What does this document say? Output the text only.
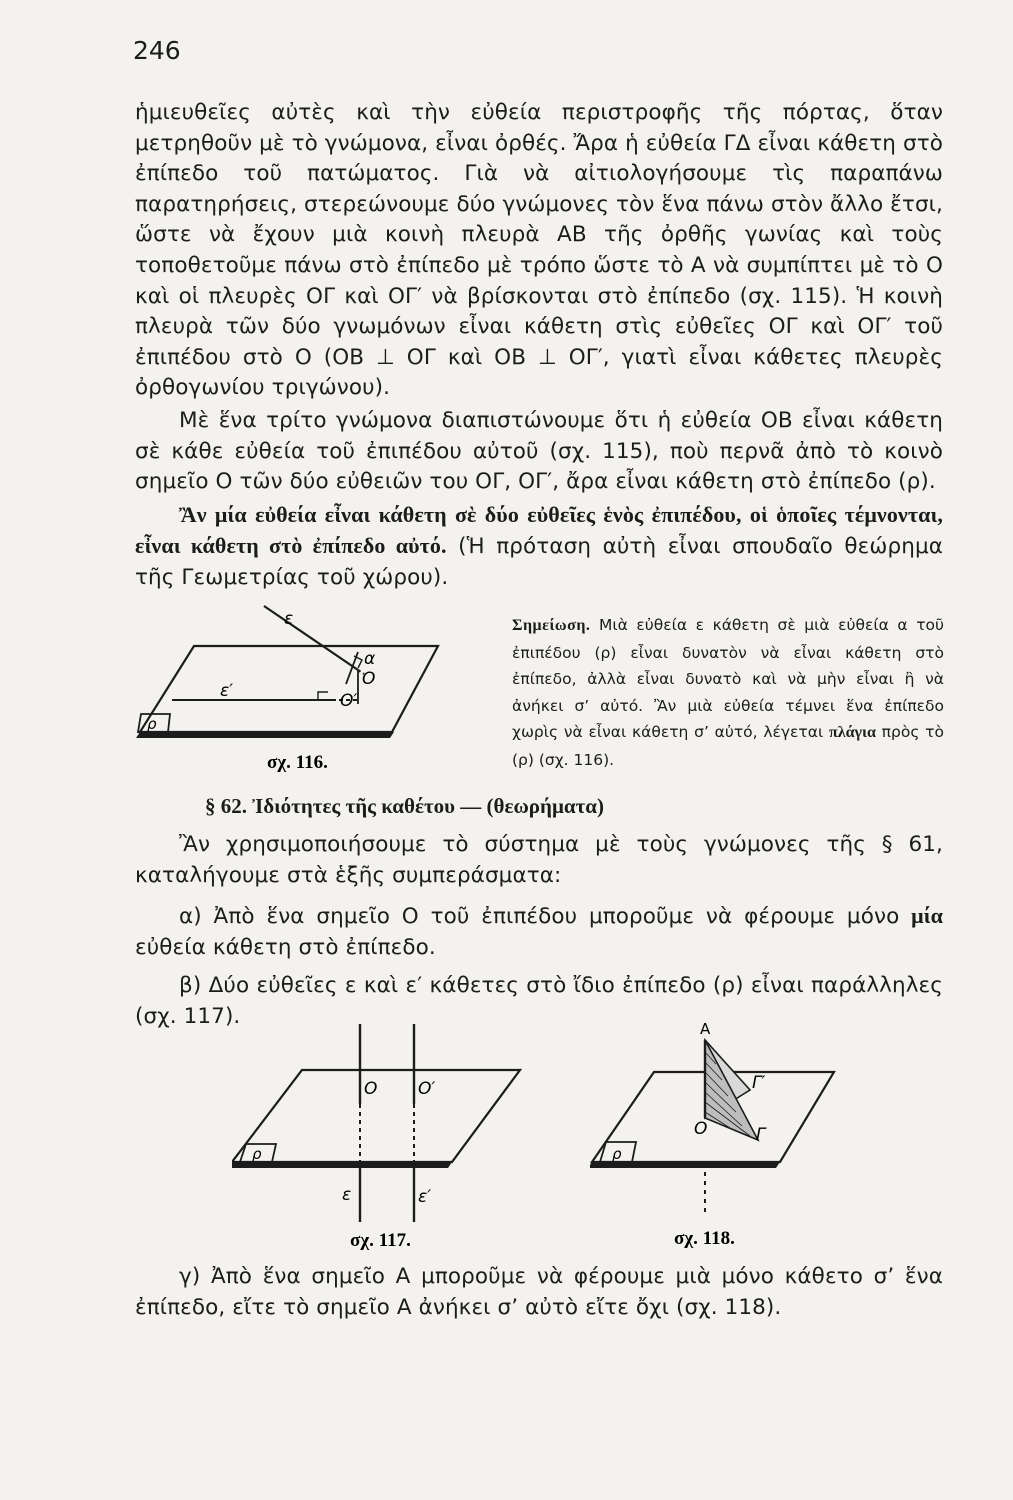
246

ἡμιευθεῖες αὐτὲς καὶ τὴν εὐθεία περιστροφῆς τῆς πόρτας, ὅταν μετρηθοῦν μὲ τὸ γνώμονα, εἶναι ὀρθές. Ἄρα ἡ εὐθεία ΓΔ εἶναι κάθετη στὸ ἐπίπεδο τοῦ πατώματος. Γιὰ νὰ αἰτιολογήσουμε τὶς παραπάνω παρατηρήσεις, στερεώνουμε δύο γνώμονες τὸν ἕνα πάνω στὸν ἄλλο ἔτσι, ὥστε νὰ ἔχουν μιὰ κοινὴ πλευρὰ ΑΒ τῆς ὀρθῆς γωνίας καὶ τοὺς τοποθετοῦμε πάνω στὸ ἐπίπεδο μὲ τρόπο ὥστε τὸ Α νὰ συμπίπτει μὲ τὸ Ο καὶ οἱ πλευρὲς ΟΓ καὶ ΟΓ′ νὰ βρίσκονται στὸ ἐπίπεδο (σχ. 115). Ἡ κοινὴ πλευρὰ τῶν δύο γνωμόνων εἶναι κάθετη στὶς εὐθεῖες ΟΓ καὶ ΟΓ′ τοῦ ἐπιπέδου στὸ Ο (ΟΒ ⊥ ΟΓ καὶ ΟΒ ⊥ ΟΓ′, γιατὶ εἶναι κάθετες πλευρὲς ὀρθογωνίου τριγώνου).

Μὲ ἕνα τρίτο γνώμονα διαπιστώνουμε ὅτι ἡ εὐθεία ΟΒ εἶναι κάθετη σὲ κάθε εὐθεία τοῦ ἐπιπέδου αὐτοῦ (σχ. 115), ποὺ περνᾶ ἀπὸ τὸ κοινὸ σημεῖο Ο τῶν δύο εὐθειῶν του ΟΓ, ΟΓ′, ἄρα εἶναι κάθετη στὸ ἐπίπεδο (ρ).

Ἂν μία εὐθεία εἶναι κάθετη σὲ δύο εὐθεῖες ἑνὸς ἐπιπέδου, οἱ ὁποῖες τέμνονται, εἶναι κάθετη στὸ ἐπίπεδο αὐτό. (Ἡ πρόταση αὐτὴ εἶναι σπουδαῖο θεώρημα τῆς Γεωμετρίας τοῦ χώρου).

ε
α
Ο
Ο′
ε′
ρ
σχ. 116.
Σημείωση. Μιὰ εὐθεία ε κάθετη σὲ μιὰ εὐθεία α τοῦ ἐπιπέδου (ρ) εἶναι δυνατὸν νὰ εἶναι κάθετη στὸ ἐπίπεδο, ἀλλὰ εἶναι δυνατὸ καὶ νὰ μὴν εἶναι ἢ νὰ ἀνήκει σ’ αὐτό. Ἂν μιὰ εὐθεία τέμνει ἕνα ἐπίπεδο χωρὶς νὰ εἶναι κάθετη σ’ αὐτό, λέγεται πλάγια πρὸς τὸ (ρ) (σχ. 116).
§ 62. Ἰδιότητες τῆς καθέτου — (θεωρήματα)

Ἂν χρησιμοποιήσουμε τὸ σύστημα μὲ τοὺς γνώμονες τῆς § 61, καταλήγουμε στὰ ἑξῆς συμπεράσματα:

α) Ἀπὸ ἕνα σημεῖο Ο τοῦ ἐπιπέδου μποροῦμε νὰ φέρουμε μόνο μία εὐθεία κάθετη στὸ ἐπίπεδο.

β) Δύο εὐθεῖες ε καὶ ε′ κάθετες στὸ ἴδιο ἐπίπεδο (ρ) εἶναι παράλληλες (σχ. 117).

Ο Ο′
ε	ε′
ρ
σχ. 117.
Α
Γ′
Ο	Γ
ρ
σχ. 118.

γ) Ἀπὸ ἕνα σημεῖο Α μποροῦμε νὰ φέρουμε μιὰ μόνο κάθετο σ’ ἕνα ἐπίπεδο, εἴτε τὸ σημεῖο Α ἀνήκει σ’ αὐτὸ εἴτε ὄχι (σχ. 118).
